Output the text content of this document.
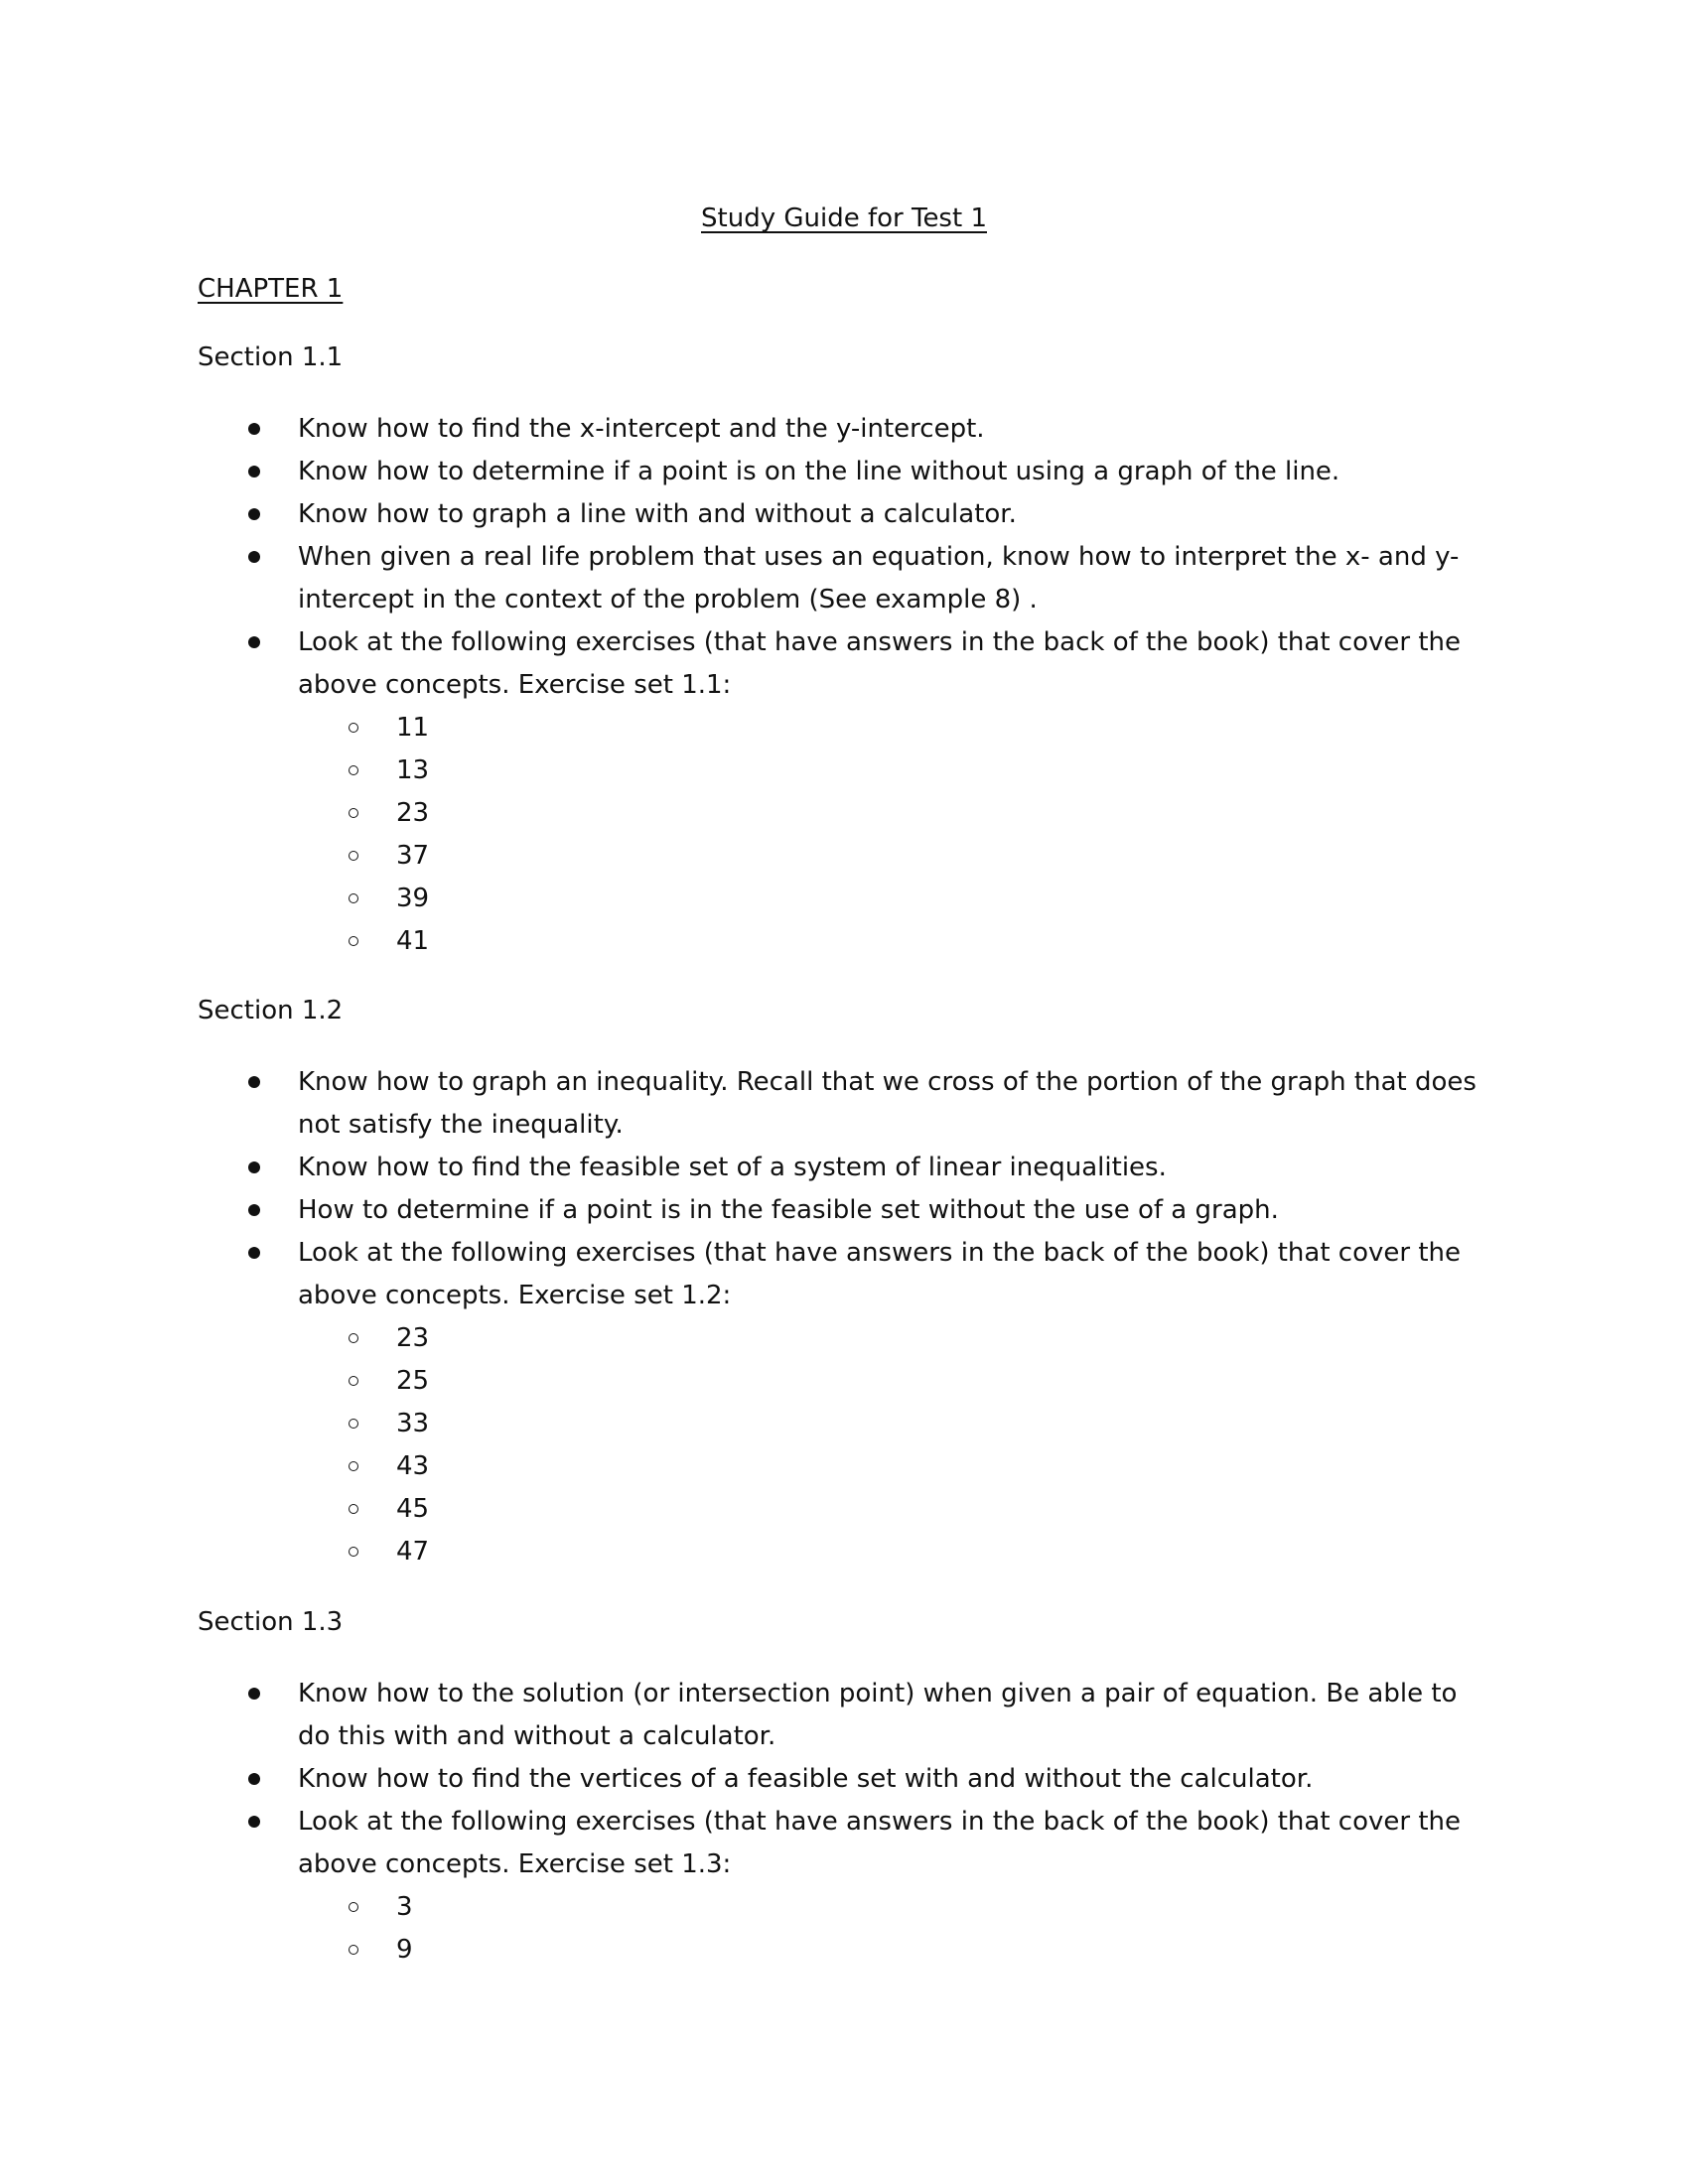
Study Guide for Test 1
CHAPTER 1
Section 1.1
Know how to find the x-intercept and the y-intercept.
Know how to determine if a point is on the line without using a graph of the line.
Know how to graph a line with and without a calculator.
When given a real life problem that uses an equation, know how to interpret the x- and y-intercept in the context of the problem (See example 8) .
Look at the following exercises (that have answers in the back of the book) that cover the above concepts. Exercise set 1.1:
11
13
23
37
39
41
Section 1.2
Know how to graph an inequality. Recall that we cross of the portion of the graph that does not satisfy the inequality.
Know how to find the feasible set of a system of linear inequalities.
How to determine if a point is in the feasible set without the use of a graph.
Look at the following exercises (that have answers in the back of the book) that cover the above concepts. Exercise set 1.2:
23
25
33
43
45
47
Section 1.3
Know how to the solution (or intersection point) when given a pair of equation. Be able to do this with and without a calculator.
Know how to find the vertices of a feasible set with and without the calculator.
Look at the following exercises (that have answers in the back of the book) that cover the above concepts. Exercise set 1.3:
3
9
